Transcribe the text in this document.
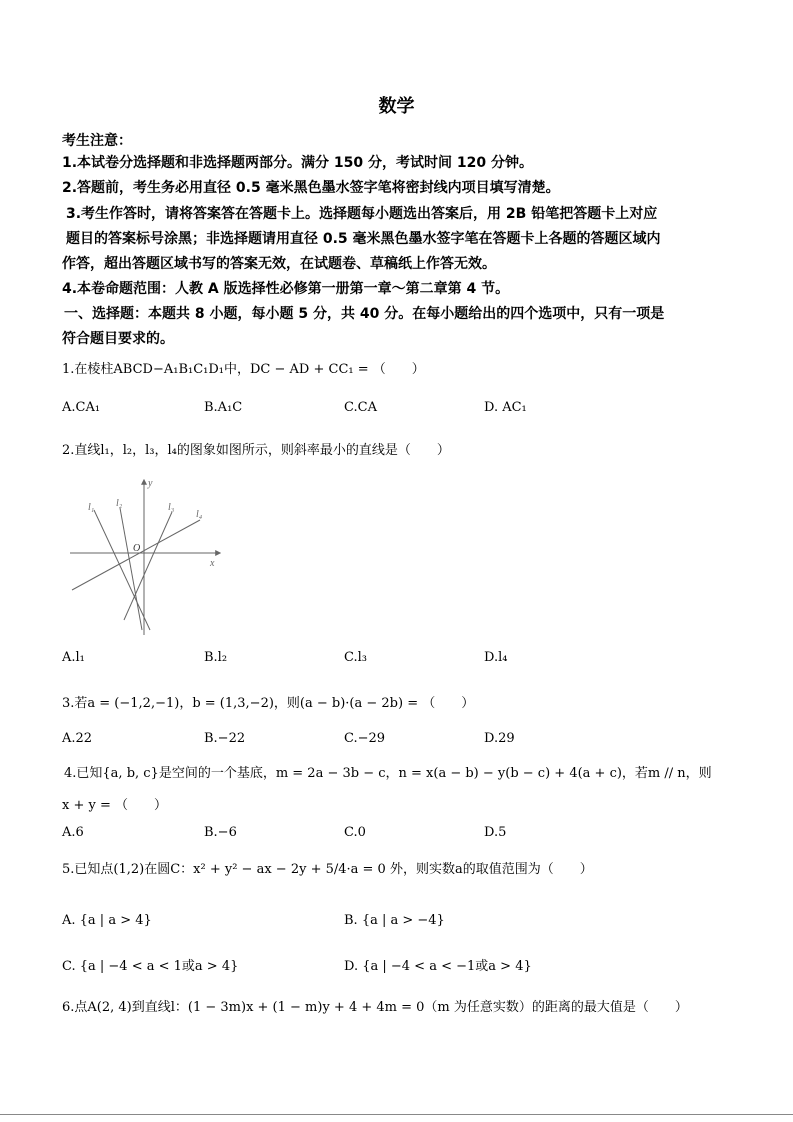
数学
考生注意：
1.本试卷分选择题和非选择题两部分。满分 150 分，考试时间 120 分钟。
2.答题前，考生务必用直径 0.5 毫米黑色墨水签字笔将密封线内项目填写清楚。
3.考生作答时，请将答案答在答题卡上。选择题每小题选出答案后，用 2B 铅笔把答题卡上对应
题目的答案标号涂黑；非选择题请用直径 0.5 毫米黑色墨水签字笔在答题卡上各题的答题区域内
作答，超出答题区域书写的答案无效，在试题卷、草稿纸上作答无效。
4.本卷命题范围：人教 A 版选择性必修第一册第一章～第二章第 4 节。
一、选择题：本题共 8 小题，每小题 5 分，共 40 分。在每小题给出的四个选项中，只有一项是
符合题目要求的。
1.在棱柱ABCD−A₁B₁C₁D₁中，DC − AD + CC₁ = （　　）
A.CA₁	B.A₁C	C.CA	D. AC₁
2.直线l₁，l₂，l₃，l₄的图象如图所示，则斜率最小的直线是（　　）
x
y
O
l₁ l₂	l₃
l₄
A.l₁	B.l₂	C.l₃	D.l₄
3.若a = (−1,2,−1)，b = (1,3,−2)，则(a − b)·(a − 2b) = （　　）
A.22	B.−22	C.−29	D.29
4.已知{a, b, c}是空间的一个基底，m = 2a − 3b − c，n = x(a − b) − y(b − c) + 4(a + c)，若m // n，则
x + y = （　　）
A.6	B.−6	C.0	D.5
5.已知点(1,2)在圆C：x² + y² − ax − 2y + 5/4·a = 0 外，则实数a的取值范围为（　　）
A. {a | a > 4}	B. {a | a > −4}
C. {a | −4 < a < 1或a > 4}	D. {a | −4 < a < −1或a > 4}
6.点A(2, 4)到直线l：(1 − 3m)x + (1 − m)y + 4 + 4m = 0（m 为任意实数）的距离的最大值是（　　）
